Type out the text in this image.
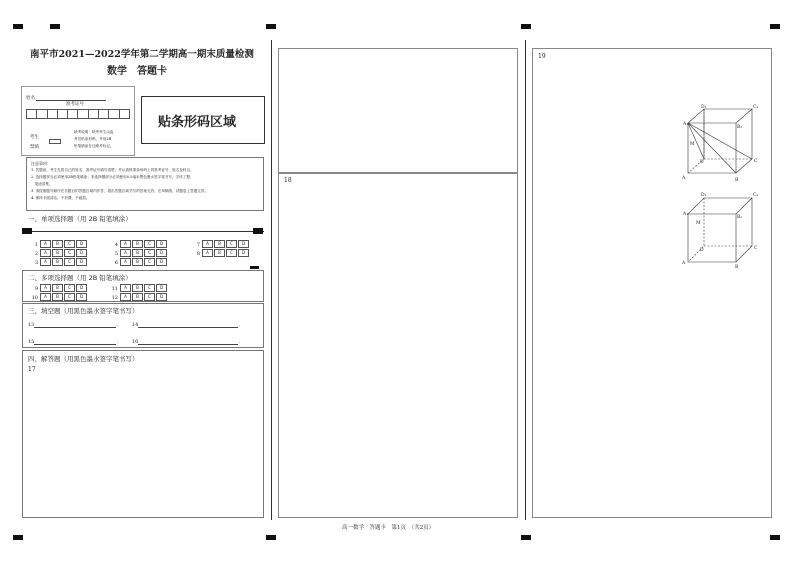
南平市2021—2022学年第二学期高一期末质量检测
数学　答题卡
姓名
准考证号
考生
禁填
缺考说明：缺考考生由监
考员贴条形码，并用2B
铅笔填涂在边缘考标记。
贴条形码区域
注意事项：
1. 答题前，考生先将自己的姓名、准考证号填写清楚，并认真核准条形码上的准考证号、姓名及科目。
2. 选择题部分必须使用2B铅笔填涂；非选择题部分必须使用0.5毫米黑色墨水签字笔书写，字体工整、
　笔迹清楚。
3. 请按照题号顺序在各题目的答题区域内作答，超出答题区域书写的答案无效；在草稿纸、试题卷上答题无效。
4. 保持卡面清洁，不折叠，不破损。
一、单项选择题（用 2B 铅笔填涂）
1 A B C D
2 A B C D
3 A B C D
4 A B C D
5 A B C D
6 A B C D
7 A B C D
8 A B C D
二、多项选择题（用 2B 铅笔填涂）
9 A B C D
10 A B C D
11 A B C D
12 A B C D
三、填空题（用黑色墨水签字笔书写）
13	.	14	.
15	.	16	.
四、解答题（用黑色墨水签字笔书写）
17
18
高一数学　答题卡　第1页　（共2页）
19
D₁	C₁
A₁
B₁
M
A	B
C
D
D₁	C₁
A₁
B₁
M
D	C
A
B
